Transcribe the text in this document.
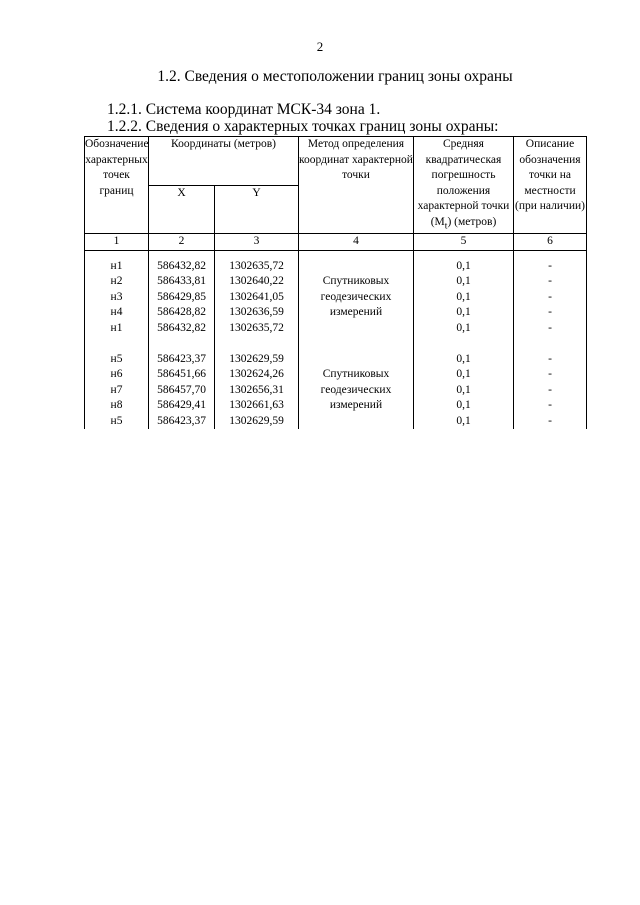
2
1.2. Сведения о местоположении границ зоны охраны
1.2.1. Система координат МСК-34 зона 1.
1.2.2. Сведения о характерных точках границ зоны охраны:
Обозначение характерных точек границ	Координаты (метров)		Метод определения координат характерной точки	Средняя квадратическая погрешность положения характерной точки $(M_t)$ (метров)	Описание обозначения точки на местности (при наличии)
	X	Y			
1	2	3	4	5	6

н1	586432,82	1302635,72		0,1	-
н2	586433,81	1302640,22	Спутниковых геодезических измерений	0,1	-
н3	586429,85	1302641,05		0,1	-
н4	586428,82	1302636,59		0,1	-
н1	586432,82	1302635,72		0,1	-

н5	586423,37	1302629,59		0,1	-
н6	586451,66	1302624,26	Спутниковых геодезических измерений	0,1	-
н7	586457,70	1302656,31		0,1	-
н8	586429,41	1302661,63		0,1	-
н5	586423,37	1302629,59		0,1	-
